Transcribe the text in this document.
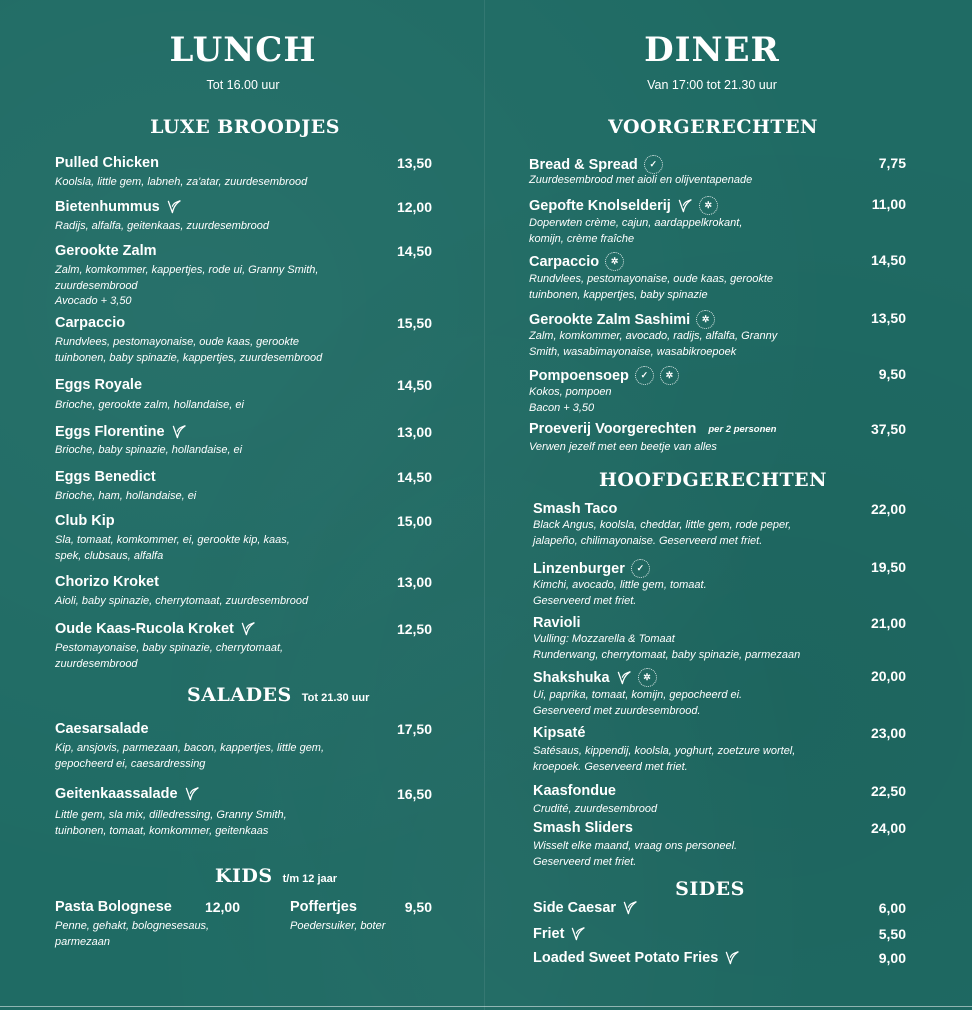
LUNCH
Tot 16.00 uur
LUXE BROODJES
Pulled Chicken	13,50
Koolsla, little gem, labneh, za'atar, zuurdesembrood
Bietenhummus	12,00
Radijs, alfalfa, geitenkaas, zuurdesembrood
Gerookte Zalm	14,50
Zalm, komkommer, kappertjes, rode ui, Granny Smith,
zuurdesembrood
Avocado + 3,50
Carpaccio	15,50
Rundvlees, pestomayonaise, oude kaas, gerookte
tuinbonen, baby spinazie, kappertjes, zuurdesembrood
Eggs Royale	14,50
Brioche, gerookte zalm, hollandaise, ei
Eggs Florentine	13,00
Brioche, baby spinazie, hollandaise, ei
Eggs Benedict	14,50
Brioche, ham, hollandaise, ei
Club Kip	15,00
Sla, tomaat, komkommer, ei, gerookte kip, kaas,
spek, clubsaus, alfalfa
Chorizo Kroket	13,00
Aioli, baby spinazie, cherrytomaat, zuurdesembrood
Oude Kaas-Rucola Kroket	12,50
Pestomayonaise, baby spinazie, cherrytomaat,
zuurdesembrood
SALADES Tot 21.30 uur
Caesarsalade	17,50
Kip, ansjovis, parmezaan, bacon, kappertjes, little gem,
gepocheerd ei, caesardressing
Geitenkaassalade	16,50
Little gem, sla mix, dilledressing, Granny Smith,
tuinbonen, tomaat, komkommer, geitenkaas
KIDS t/m 12 jaar
Pasta Bolognese	12,00
Penne, gehakt, bolognesesaus,
parmezaan
Poffertjes	9,50
Poedersuiker, boter
DINER
Van 17:00 tot 21.30 uur
VOORGERECHTEN
Bread & Spread	✓	7,75
Zuurdesembrood met aioli en olijventapenade
Gepofte Knolselderij	✲	11,00
Doperwten crème, cajun, aardappelkrokant,
komijn, crème fraîche
Carpaccio	✲	14,50
Rundvlees, pestomayonaise, oude kaas, gerookte
tuinbonen, kappertjes, baby spinazie
Gerookte Zalm Sashimi	✲	13,50
Zalm, komkommer, avocado, radijs, alfalfa, Granny
Smith, wasabimayonaise, wasabikroepoek
Pompoensoep	✓	✲	9,50
Kokos, pompoen
Bacon + 3,50
Proeverij Voorgerechten per 2 personen	37,50
Verwen jezelf met een beetje van alles
HOOFDGERECHTEN
Smash Taco	22,00
Black Angus, koolsla, cheddar, little gem, rode peper,
jalapeño, chilimayonaise. Geserveerd met friet.
Linzenburger	✓	19,50
Kimchi, avocado, little gem, tomaat.
Geserveerd met friet.
Ravioli	21,00
Vulling: Mozzarella & Tomaat
Runderwang, cherrytomaat, baby spinazie, parmezaan
Shakshuka	✲	20,00
Ui, paprika, tomaat, komijn, gepocheerd ei.
Geserveerd met zuurdesembrood.
Kipsaté	23,00
Satésaus, kippendij, koolsla, yoghurt, zoetzure wortel,
kroepoek. Geserveerd met friet.
Kaasfondue	22,50
Crudité, zuurdesembrood
Smash Sliders	24,00
Wisselt elke maand, vraag ons personeel.
Geserveerd met friet.
SIDES
Side Caesar	6,00
Friet	5,50
Loaded Sweet Potato Fries	9,00
